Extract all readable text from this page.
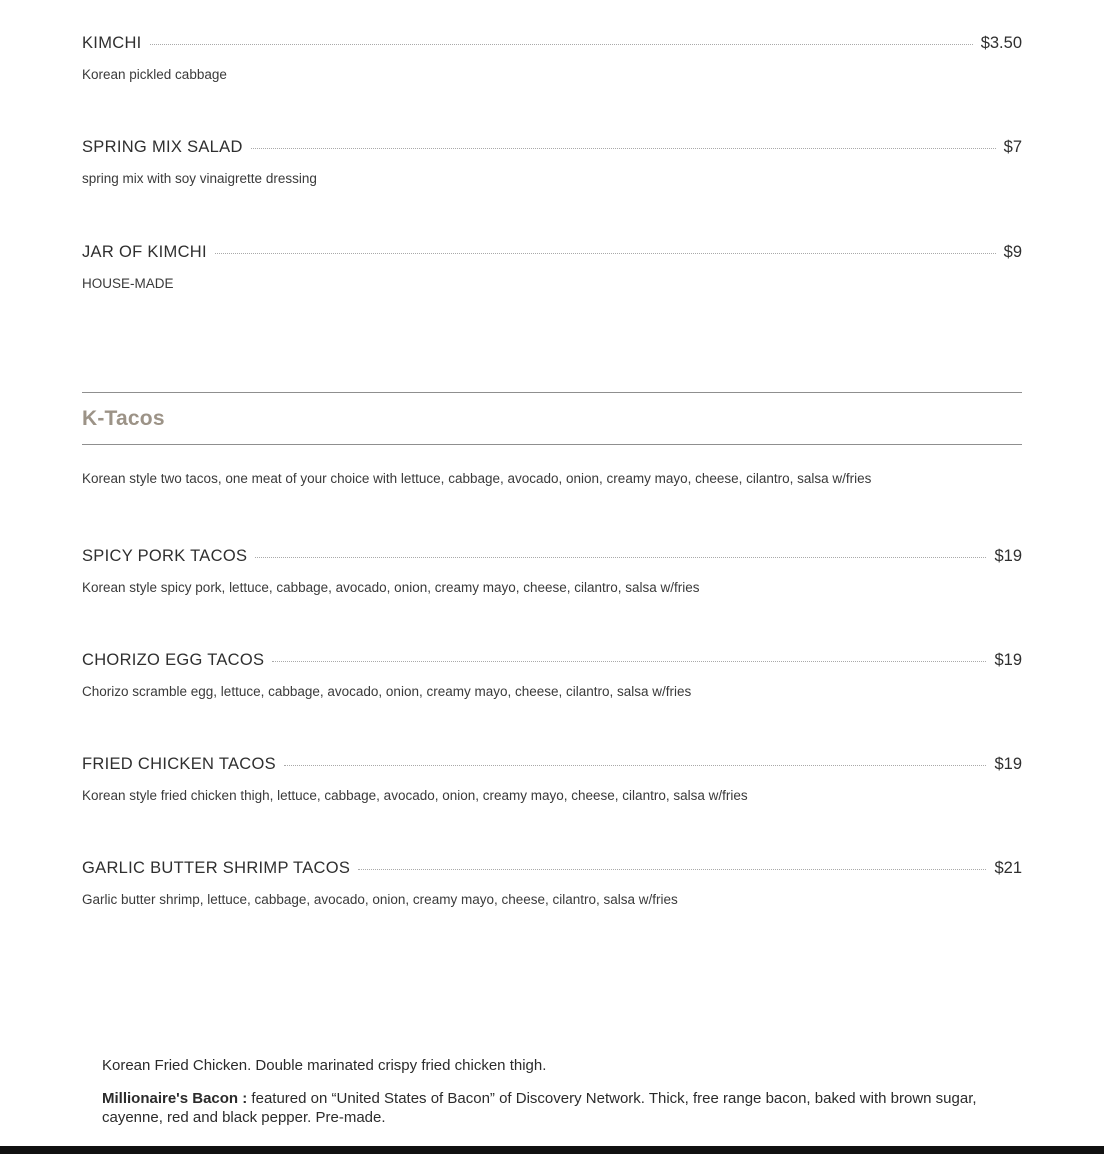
KIMCHI	$3.50
Korean pickled cabbage
SPRING MIX SALAD	$7
spring mix with soy vinaigrette dressing
JAR OF KIMCHI	$9
HOUSE-MADE
K-Tacos
Korean style two tacos, one meat of your choice with lettuce, cabbage, avocado, onion, creamy mayo, cheese, cilantro, salsa w/fries
SPICY PORK TACOS	$19
Korean style spicy pork, lettuce, cabbage, avocado, onion, creamy mayo, cheese, cilantro, salsa w/fries
CHORIZO EGG TACOS	$19
Chorizo scramble egg, lettuce, cabbage, avocado, onion, creamy mayo, cheese, cilantro, salsa w/fries
FRIED CHICKEN TACOS	$19
Korean style fried chicken thigh, lettuce, cabbage, avocado, onion, creamy mayo, cheese, cilantro, salsa w/fries
GARLIC BUTTER SHRIMP TACOS	$21
Garlic butter shrimp, lettuce, cabbage, avocado, onion, creamy mayo, cheese, cilantro, salsa w/fries
Korean Fried Chicken. Double marinated crispy fried chicken thigh.
Millionaire's Bacon : featured on “United States of Bacon” of Discovery Network. Thick, free range bacon, baked with brown sugar, cayenne, red and black pepper. Pre-made.
